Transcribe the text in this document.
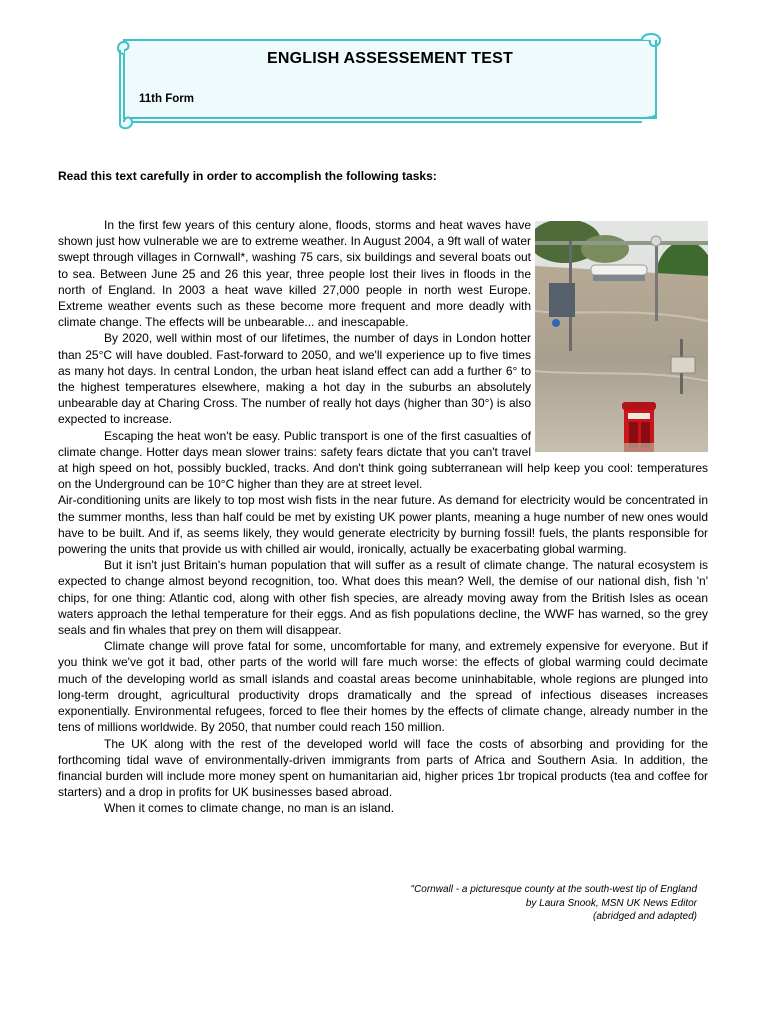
ENGLISH ASSESSEMENT TEST
11th Form
Read this text carefully in order to accomplish the following tasks:

In the first few years of this century alone, floods, storms and heat waves have shown just how vulnerable we are to extreme weather. In August 2004, a 9ft wall of water swept through villages in Cornwall*, washing 75 cars, six buildings and several boats out to sea. Between June 25 and 26 this year, three people lost their lives in floods in the north of England. In 2003 a heat wave killed 27,000 people in north west Europe. Extreme weather events such as these become more frequent and more deadly with climate change. The effects will be unbearable... and inescapable.

By 2020, well within most of our lifetimes, the number of days in London hotter than 25°C will have doubled. Fast-forward to 2050, and we'll experience up to five times as many hot days. In central London, the urban heat island effect can add a further 6° to the highest temperatures elsewhere, making a hot day in the suburbs an absolutely unbearable day at Charing Cross. The number of really hot days (higher than 30°) is also expected to increase.

Escaping the heat won't be easy. Public transport is one of the first casualties of climate change. Hotter days mean slower trains: safety fears dictate that you can't travel at high speed on hot, possibly buckled, tracks. And don't think going subterranean will help keep you cool: temperatures on the Underground can be 10°C higher than they are at street level.

Air-conditioning units are likely to top most wish fists in the near future. As demand for electricity would be concentrated in the summer months, less than half could be met by existing UK power plants, meaning a huge number of new ones would have to be built. And if, as seems likely, they would generate electricity by burning fossil! fuels, the plants responsible for powering the units that provide us with chilled air would, ironically, actually be exacerbating global warming.

But it isn't just Britain's human population that will suffer as a result of climate change. The natural ecosystem is expected to change almost beyond recognition, too. What does this mean? Well, the demise of our national dish, fish 'n' chips, for one thing: Atlantic cod, along with other fish species, are already moving away from the British Isles as ocean waters approach the lethal temperature for their eggs. And as fish populations decline, the WWF has warned, so the grey seals and fin whales that prey on them will disappear.

Climate change will prove fatal for some, uncomfortable for many, and extremely expensive for everyone. But if you think we've got it bad, other parts of the world will fare much worse: the effects of global warming could decimate much of the developing world as small islands and coastal areas become uninhabitable, whole regions are plunged into long-term drought, agricultural productivity drops dramatically and the spread of infectious diseases increases exponentially. Environmental refugees, forced to flee their homes by the effects of climate change, already number in the tens of millions worldwide. By 2050, that number could reach 150 million.

The UK along with the rest of the developed world will face the costs of absorbing and providing for the forthcoming tidal wave of environmentally-driven immigrants from parts of Africa and Southern Asia. In addition, the financial burden will include more money spent on humanitarian aid, higher prices 1br tropical products (tea and coffee for starters) and a drop in profits for UK businesses based abroad.

When it comes to climate change, no man is an island.

"Cornwall - a picturesque county at the south-west tip of England
by Laura Snook, MSN UK News Editor
(abridged and adapted)
